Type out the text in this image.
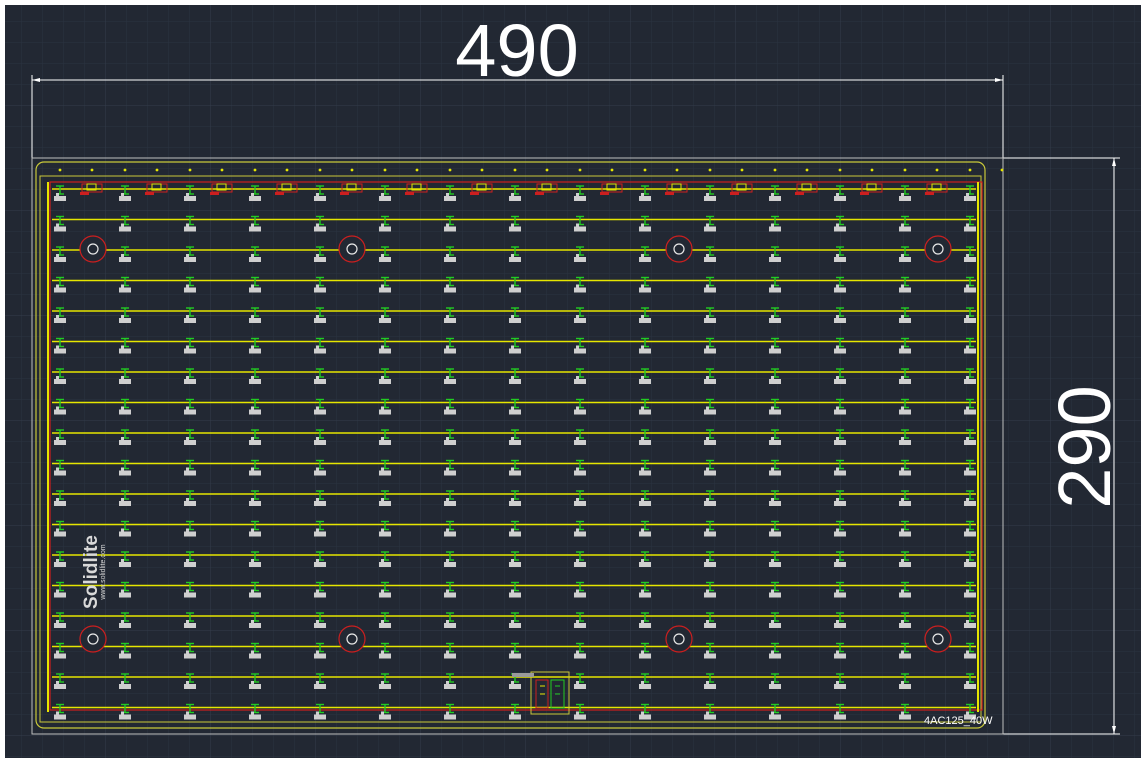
490
290
Solidlite
www.solidlite.com
4AC125_40W
